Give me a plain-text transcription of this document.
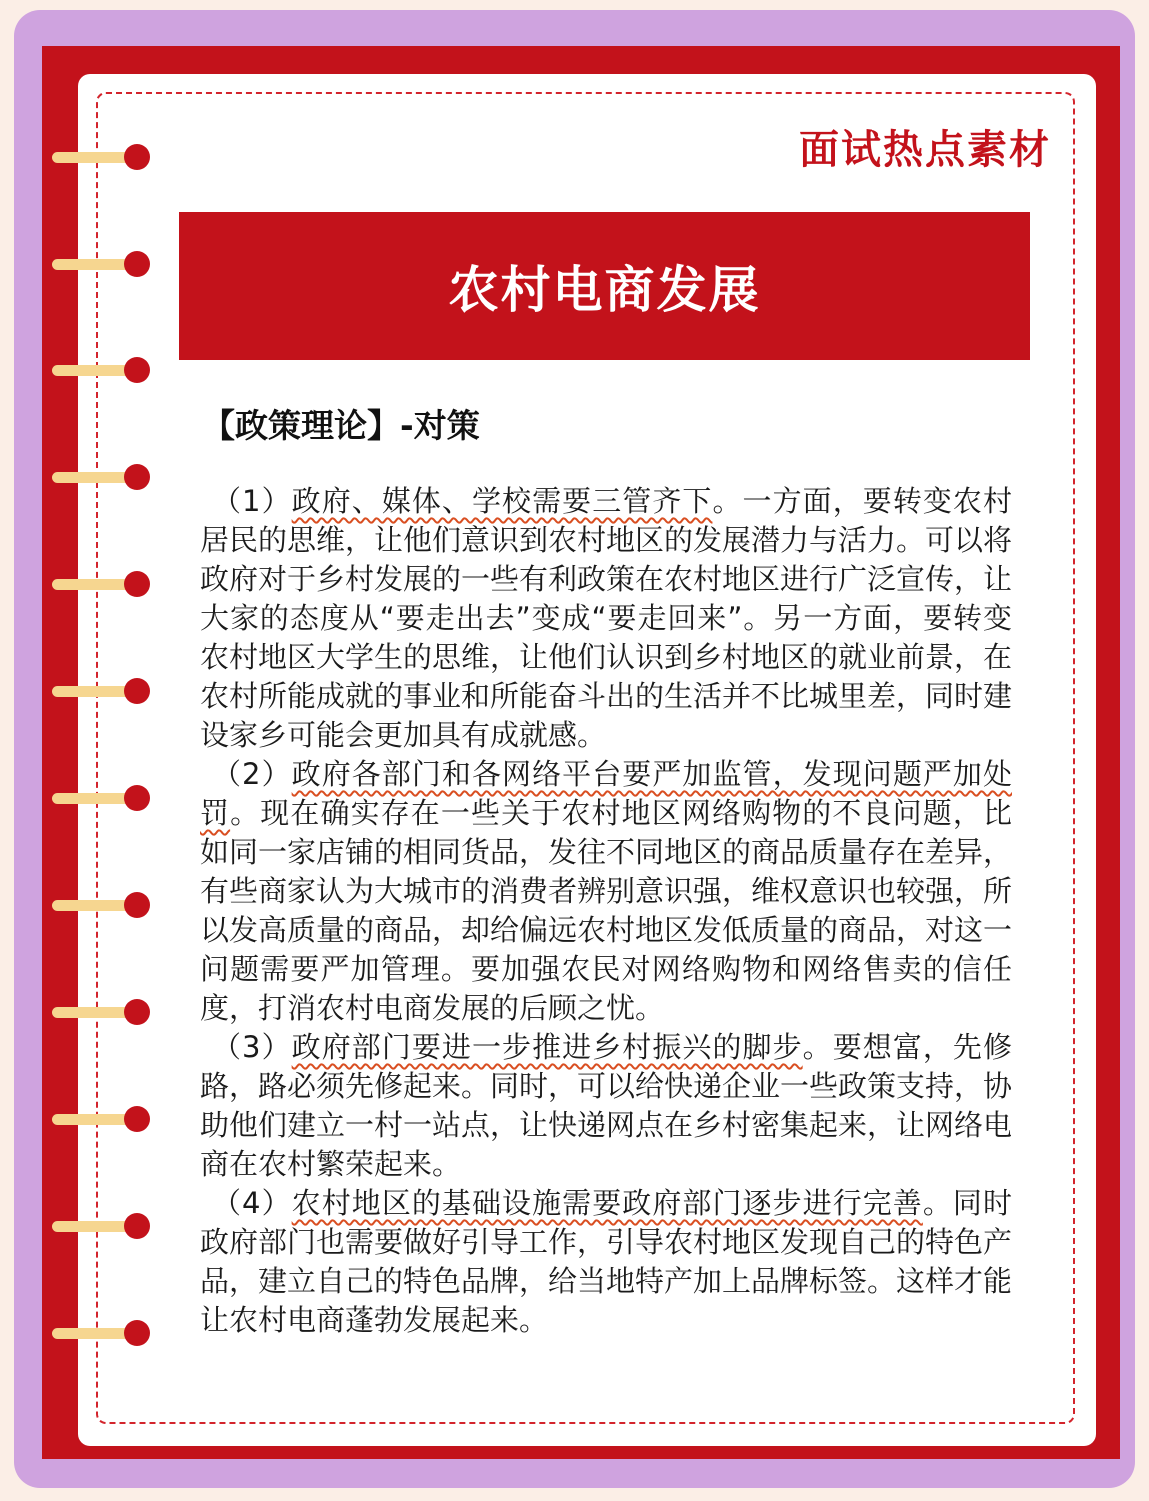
面试热点素材

农村电商发展
【政策理论】-对策

（1）政府、媒体、学校需要三管齐下。一方面，要转变农村居民的思维，让他们意识到农村地区的发展潜力与活力。可以将政府对于乡村发展的一些有利政策在农村地区进行广泛宣传，让大家的态度从“要走出去”变成“要走回来”。另一方面，要转变农村地区大学生的思维，让他们认识到乡村地区的就业前景，在农村所能成就的事业和所能奋斗出的生活并不比城里差，同时建设家乡可能会更加具有成就感。

（2）政府各部门和各网络平台要严加监管，发现问题严加处罚。现在确实存在一些关于农村地区网络购物的不良问题，比如同一家店铺的相同货品，发往不同地区的商品质量存在差异，有些商家认为大城市的消费者辨别意识强，维权意识也较强，所以发高质量的商品，却给偏远农村地区发低质量的商品，对这一问题需要严加管理。要加强农民对网络购物和网络售卖的信任度，打消农村电商发展的后顾之忧。

（3）政府部门要进一步推进乡村振兴的脚步。要想富，先修路，路必须先修起来。同时，可以给快递企业一些政策支持，协助他们建立一村一站点，让快递网点在乡村密集起来，让网络电商在农村繁荣起来。

（4）农村地区的基础设施需要政府部门逐步进行完善。同时政府部门也需要做好引导工作，引导农村地区发现自己的特色产品，建立自己的特色品牌，给当地特产加上品牌标签。这样才能让农村电商蓬勃发展起来。
